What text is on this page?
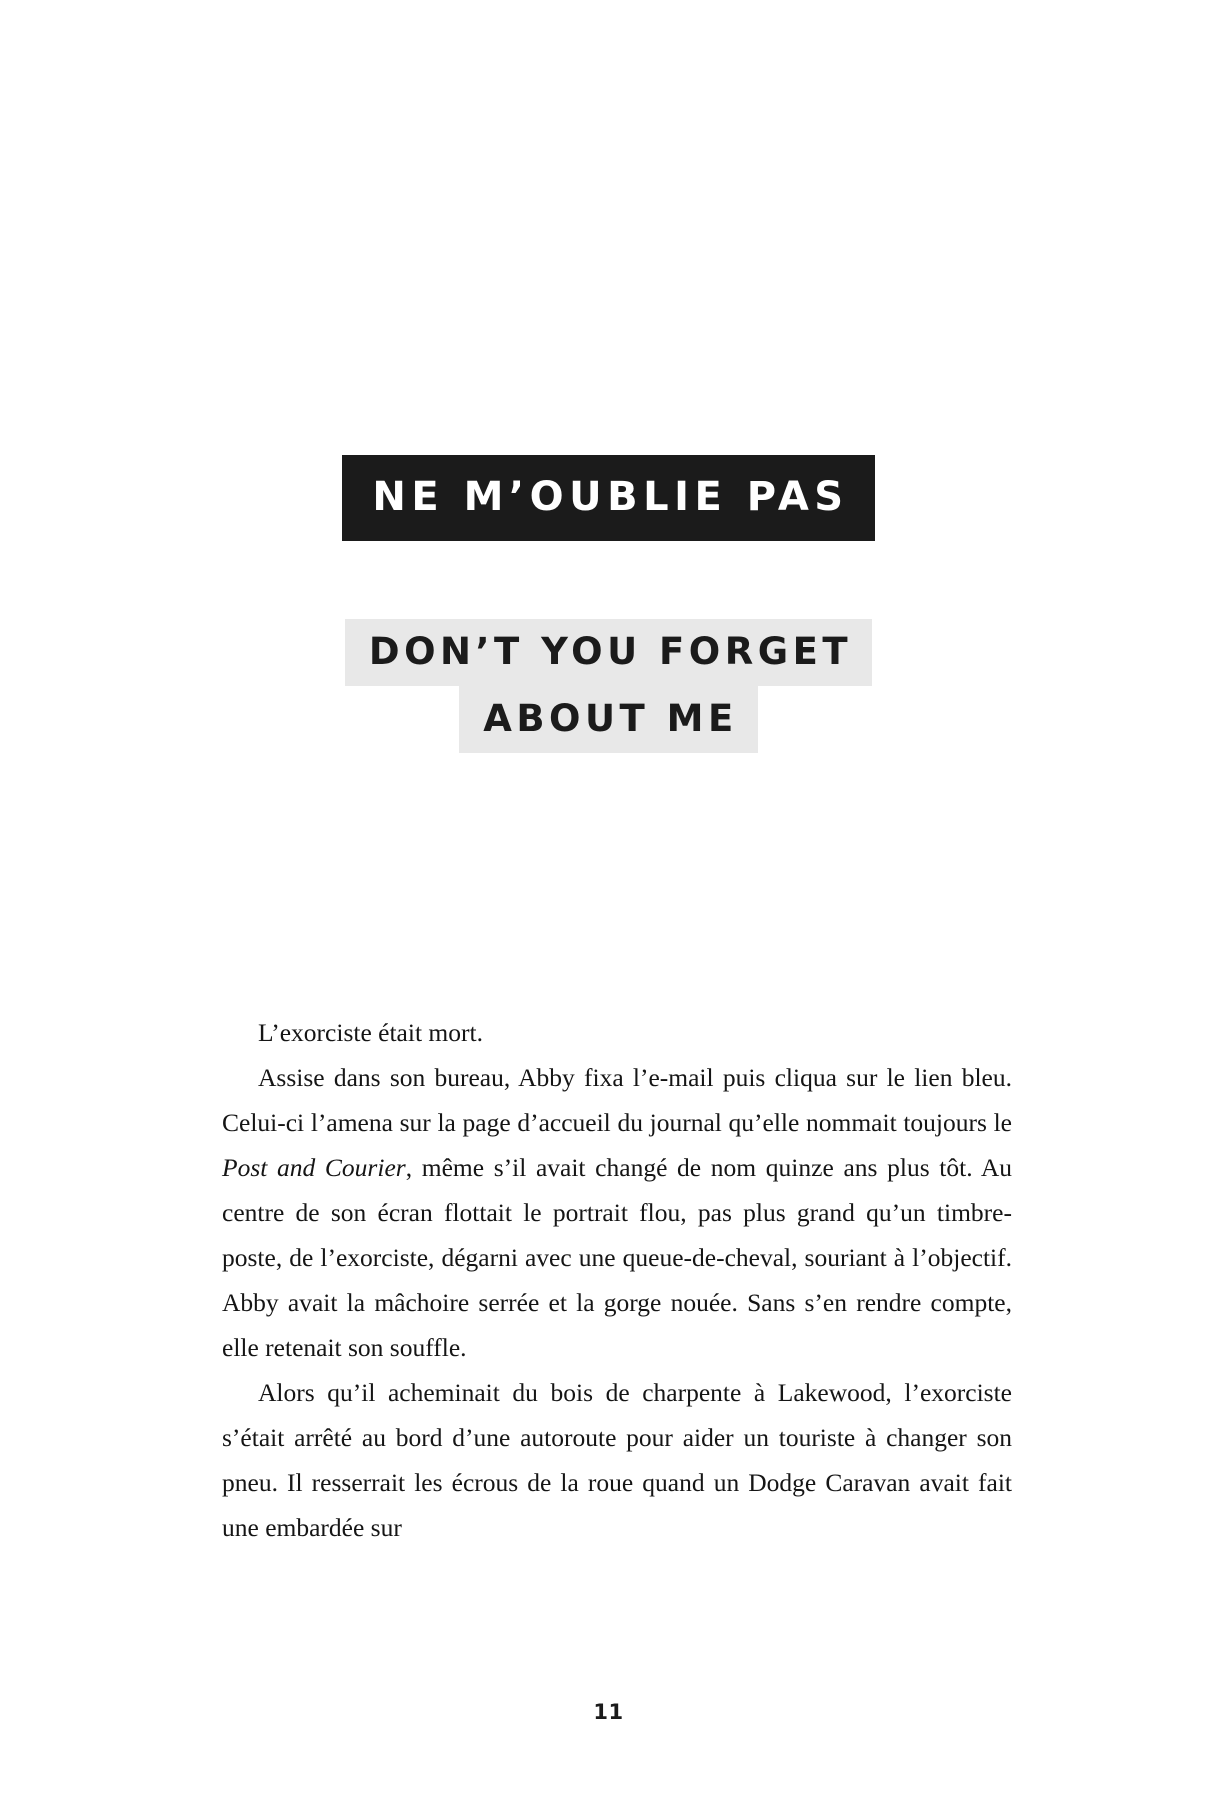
NE M’OUBLIE PAS
DON’T YOU FORGET
ABOUT ME

L’exorciste était mort.

Assise dans son bureau, Abby fixa l’e-mail puis cliqua sur le lien bleu. Celui-ci l’amena sur la page d’accueil du journal qu’elle nommait toujours le Post and Courier, même s’il avait changé de nom quinze ans plus tôt. Au centre de son écran flottait le portrait flou, pas plus grand qu’un timbre-poste, de l’exorciste, dégarni avec une queue-de-cheval, souriant à l’objectif. Abby avait la mâchoire serrée et la gorge nouée. Sans s’en rendre compte, elle retenait son souffle.

Alors qu’il acheminait du bois de charpente à Lakewood, l’exorciste s’était arrêté au bord d’une autoroute pour aider un touriste à changer son pneu. Il resserrait les écrous de la roue quand un Dodge Caravan avait fait une embardée sur

11
